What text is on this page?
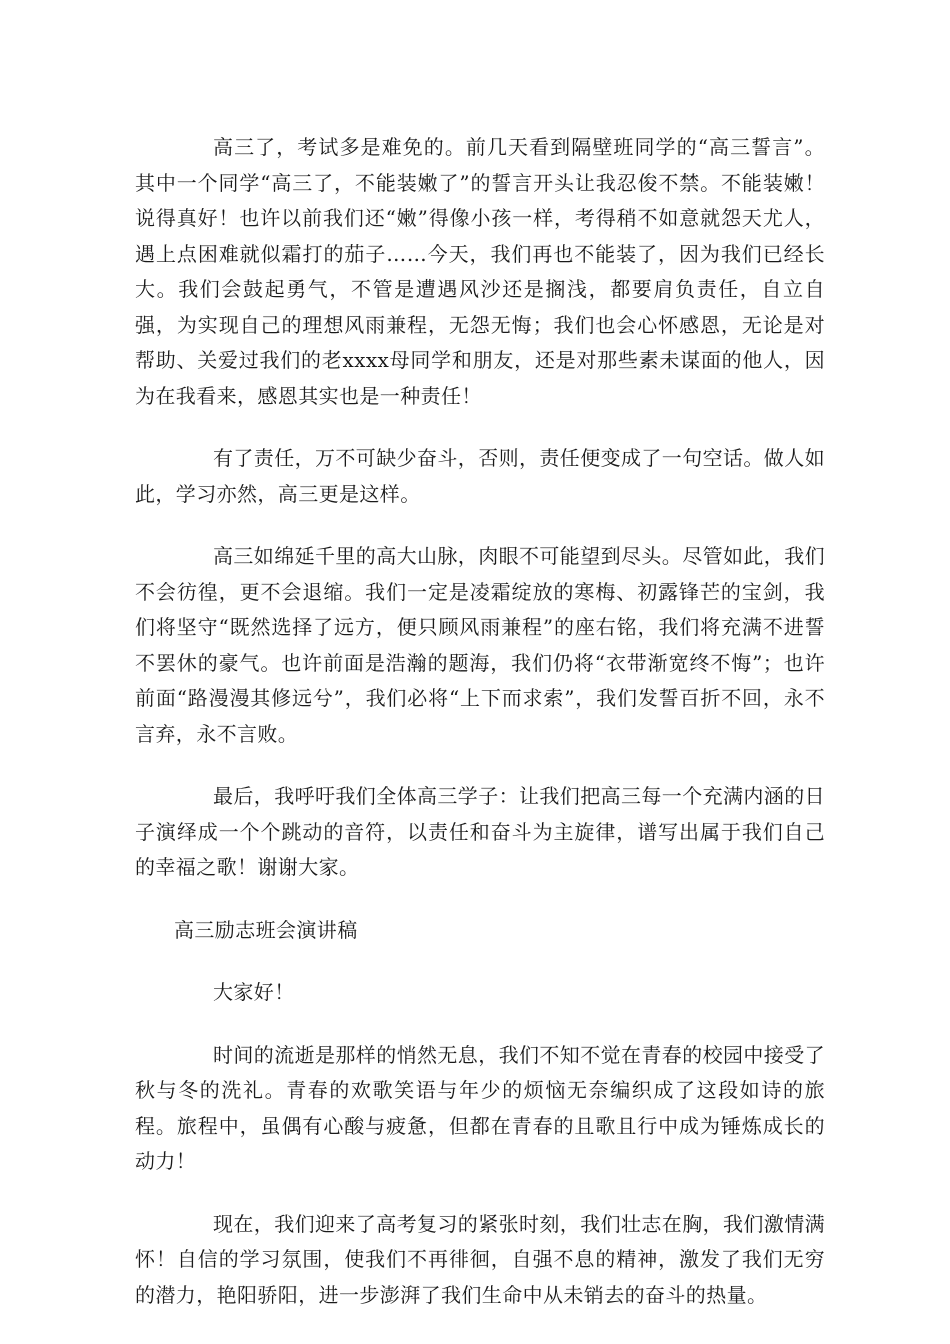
高三了，考试多是难免的。前几天看到隔壁班同学的“高三誓言”。其中一个同学“高三了，不能装嫩了”的誓言开头让我忍俊不禁。不能装嫩！说得真好！也许以前我们还“嫩”得像小孩一样，考得稍不如意就怨天尤人，遇上点困难就似霜打的茄子……今天，我们再也不能装了，因为我们已经长大。我们会鼓起勇气，不管是遭遇风沙还是搁浅，都要肩负责任，自立自强，为实现自己的理想风雨兼程，无怨无悔；我们也会心怀感恩，无论是对帮助、关爱过我们的老xxxx母同学和朋友，还是对那些素未谋面的他人，因为在我看来，感恩其实也是一种责任！

有了责任，万不可缺少奋斗，否则，责任便变成了一句空话。做人如此，学习亦然，高三更是这样。

高三如绵延千里的高大山脉，肉眼不可能望到尽头。尽管如此，我们不会彷徨，更不会退缩。我们一定是凌霜绽放的寒梅、初露锋芒的宝剑，我们将坚守“既然选择了远方，便只顾风雨兼程”的座右铭，我们将充满不进誓不罢休的豪气。也许前面是浩瀚的题海，我们仍将“衣带渐宽终不悔”；也许前面“路漫漫其修远兮”，我们必将“上下而求索”，我们发誓百折不回，永不言弃，永不言败。

最后，我呼吁我们全体高三学子：让我们把高三每一个充满内涵的日子演绎成一个个跳动的音符，以责任和奋斗为主旋律，谱写出属于我们自己的幸福之歌！谢谢大家。

高三励志班会演讲稿

大家好！

时间的流逝是那样的悄然无息，我们不知不觉在青春的校园中接受了秋与冬的洗礼。青春的欢歌笑语与年少的烦恼无奈编织成了这段如诗的旅程。旅程中，虽偶有心酸与疲惫，但都在青春的且歌且行中成为锤炼成长的动力！

现在，我们迎来了高考复习的紧张时刻，我们壮志在胸，我们激情满怀！自信的学习氛围，使我们不再徘徊，自强不息的精神，激发了我们无穷的潜力，艳阳骄阳，进一步澎湃了我们生命中从未销去的奋斗的热量。
